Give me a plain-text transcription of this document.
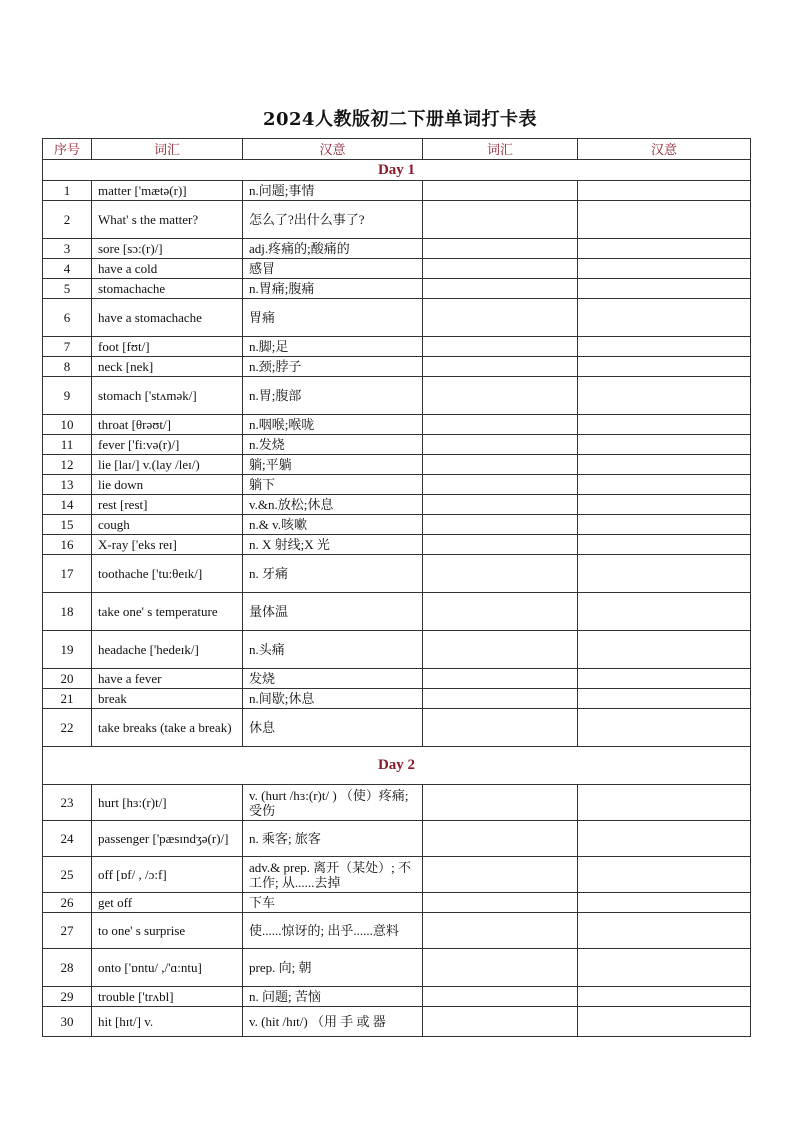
2024人教版初二下册单词打卡表
序号	词汇	汉意	词汇	汉意
Day 1				
1	matter ['mætə(r)]	n.问题;事情		
2	What' s the matter?	怎么了?出什么事了?		
3	sore [sɔ:(r)/]	adj.疼痛的;酸痛的		
4	have a cold	感冒		
5	stomachache	n.胃痛;腹痛		
6	have a stomachache	胃痛		
7	foot [fʊt/]	n.脚;足		
8	neck [nek]	n.颈;脖子		
9	stomach ['stʌmək/]	n.胃;腹部		
10	throat [θrəʊt/]	n.咽喉;喉咙		
11	fever ['fi:və(r)/]	n.发烧		
12	lie [laɪ/] v.(lay /leɪ/)	躺;平躺		
13	lie down	躺下		
14	rest [rest]	v.&n.放松;休息		
15	cough	n.& v.咳嗽		
16	X-ray ['eks reɪ]	n. X 射线;X 光		
17	toothache ['tu:θeɪk/]	n. 牙痛		
18	take one' s temperature	量体温		
19	headache ['hedeɪk/]	n.头痛		
20	have a fever	发烧		
21	break	n.间歇;休息		
22	take breaks (take a break)	休息		
Day 2				
23	hurt [hɜ:(r)t/]	v. (hurt /hɜ:(r)t/ ) （使）疼痛; 受伤		
24	passenger ['pæsɪndʒə(r)/]	n. 乘客; 旅客		
25	off [ɒf/ , /ɔ:f]	adv.& prep. 离开（某处）; 不工作; 从......去掉		
26	get off	下车		
27	to one' s surprise	使......惊讶的; 出乎......意料		
28	onto ['ɒntu/ ,/'ɑ:ntu]	prep. 向; 朝		
29	trouble ['trʌbl]	n. 问题; 苦恼		
30	hit [hɪt/] v.	v. (hit /hɪt/) （用 手 或 器		
